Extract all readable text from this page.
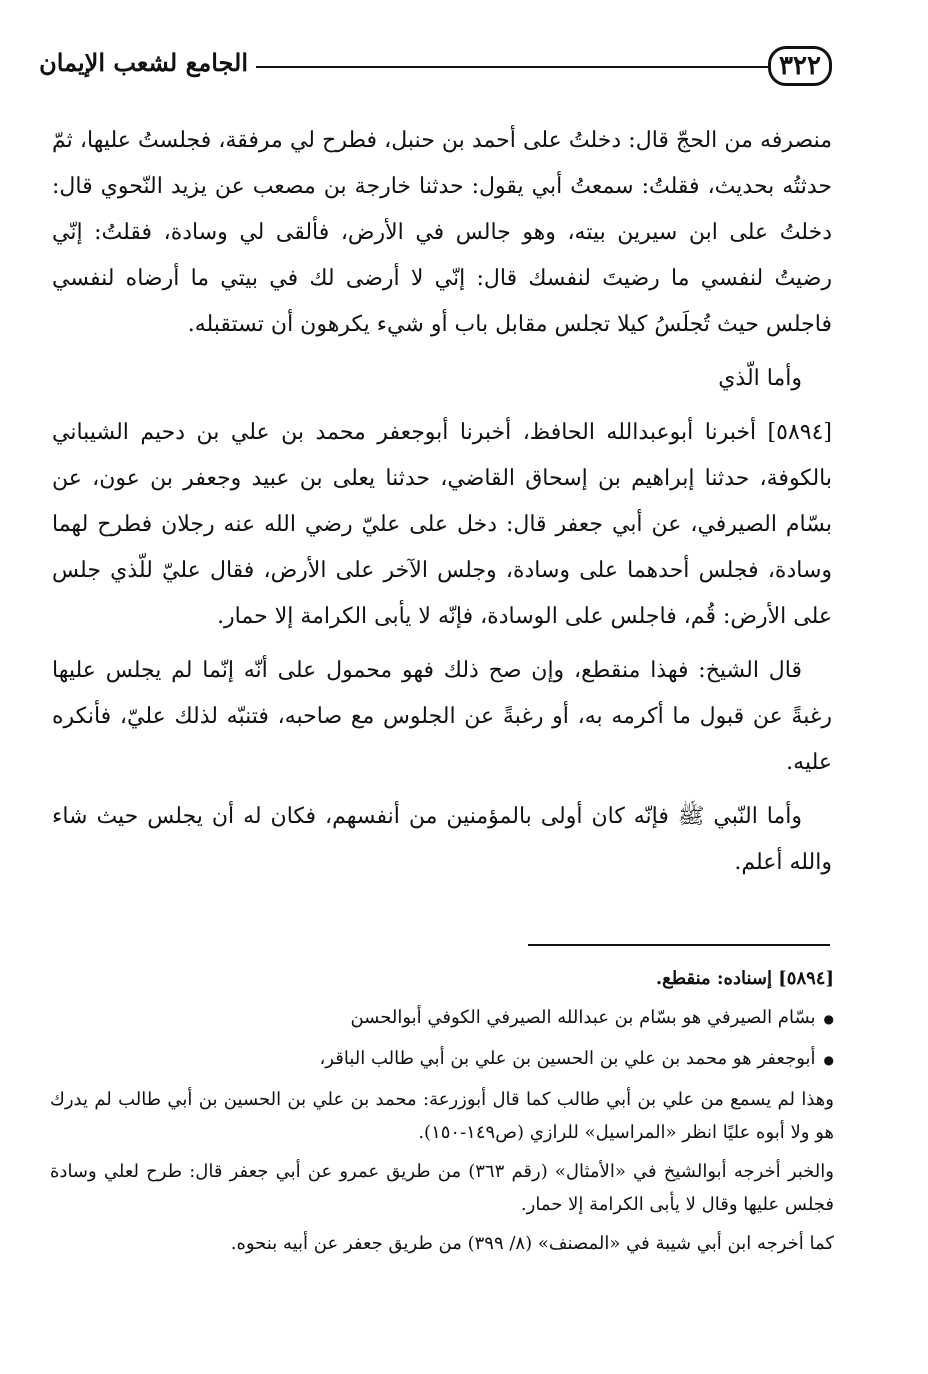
٣٢٢
الجامع لشعب الإيمان

منصرفه من الحجّ قال: دخلتُ على أحمد بن حنبل، فطرح لي مرفقة، فجلستُ عليها، ثمّ حدثتُه بحديث، فقلتُ: سمعتُ أبي يقول: حدثنا خارجة بن مصعب عن يزيد النّحوي قال: دخلتُ على ابن سيرين بيته، وهو جالس في الأرض، فألقى لي وسادة، فقلتُ: إنّي رضيتُ لنفسي ما رضيتَ لنفسك قال: إنّي لا أرضى لك في بيتي ما أرضاه لنفسي فاجلس حيث تُجلَسُ كيلا تجلس مقابل باب أو شيء يكرهون أن تستقبله.

وأما الّذي

[٥٨٩٤] أخبرنا أبوعبدالله الحافظ، أخبرنا أبوجعفر محمد بن علي بن دحيم الشيباني بالكوفة، حدثنا إبراهيم بن إسحاق القاضي، حدثنا يعلى بن عبيد وجعفر بن عون، عن بسّام الصيرفي، عن أبي جعفر قال: دخل على عليّ رضي الله عنه رجلان فطرح لهما وسادة، فجلس أحدهما على وسادة، وجلس الآخر على الأرض، فقال عليّ للّذي جلس على الأرض: قُم، فاجلس على الوسادة، فإنّه لا يأبى الكرامة إلا حمار.

قال الشيخ: فهذا منقطع، وإن صح ذلك فهو محمول على أنّه إنّما لم يجلس عليها رغبةً عن قبول ما أكرمه به، أو رغبةً عن الجلوس مع صاحبه، فتنبّه لذلك عليّ، فأنكره عليه.

وأما النّبي ﷺ فإنّه كان أولى بالمؤمنين من أنفسهم، فكان له أن يجلس حيث شاء والله أعلم.

[٥٨٩٤] إسناده: منقطع.

● بسّام الصيرفي هو بسّام بن عبدالله الصيرفي الكوفي أبوالحسن

● أبوجعفر هو محمد بن علي بن الحسين بن علي بن أبي طالب الباقر،

وهذا لم يسمع من علي بن أبي طالب كما قال أبوزرعة: محمد بن علي بن الحسين بن أبي طالب لم يدرك هو ولا أبوه عليًا انظر «المراسيل» للرازي (ص١٤٩-١٥٠).

والخبر أخرجه أبوالشيخ في «الأمثال» (رقم ٣٦٣) من طريق عمرو عن أبي جعفر قال: طرح لعلي وسادة فجلس عليها وقال لا يأبى الكرامة إلا حمار.

كما أخرجه ابن أبي شيبة في «المصنف» (٨/ ٣٩٩) من طريق جعفر عن أبيه بنحوه.
